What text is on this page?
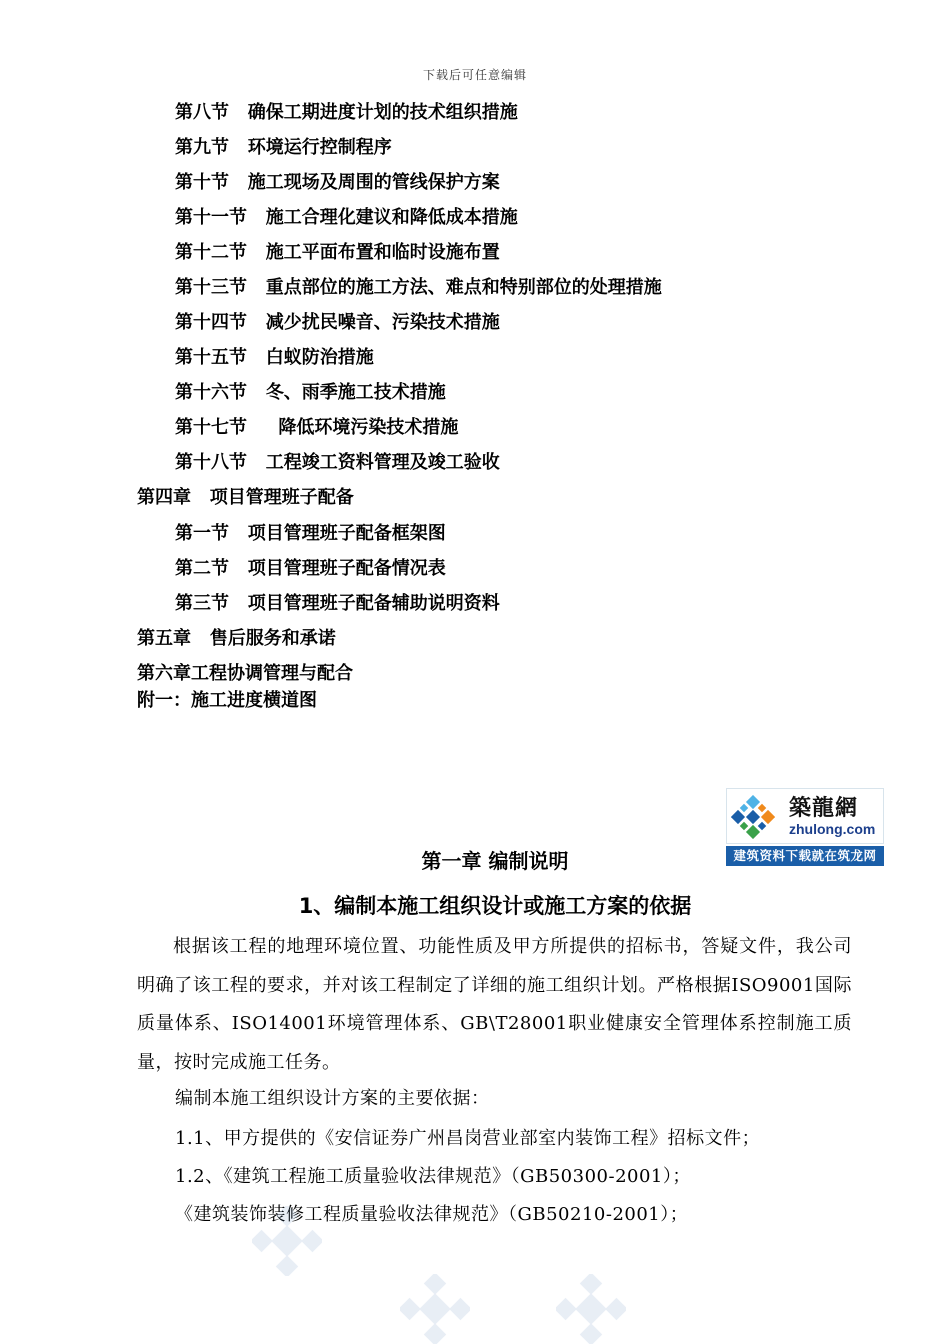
下载后可任意编辑
第八节   确保工期进度计划的技术组织措施
第九节   环境运行控制程序
第十节   施工现场及周围的管线保护方案
第十一节   施工合理化建议和降低成本措施
第十二节   施工平面布置和临时设施布置
第十三节   重点部位的施工方法、难点和特别部位的处理措施
第十四节   减少扰民噪音、污染技术措施
第十五节   白蚁防治措施
第十六节   冬、雨季施工技术措施
第十七节     降低环境污染技术措施
第十八节   工程竣工资料管理及竣工验收
第四章   项目管理班子配备
第一节   项目管理班子配备框架图
第二节   项目管理班子配备情况表
第三节   项目管理班子配备辅助说明资料
第五章   售后服务和承诺
第六章工程协调管理与配合
附一：施工进度横道图
築龍網
zhulong.com
建筑资料下载就在筑龙网
第一章 编制说明
1、编制本施工组织设计或施工方案的依据
根据该工程的地理环境位置、功能性质及甲方所提供的招标书，答疑文件，我公司明确了该工程的要求，并对该工程制定了详细的施工组织计划。严格根据ISO9001国际质量体系、ISO14001环境管理体系、GB\T28001职业健康安全管理体系控制施工质量，按时完成施工任务。
编制本施工组织设计方案的主要依据：
1.1、甲方提供的《安信证券广州昌岗营业部室内装饰工程》招标文件；
1.2、《建筑工程施工质量验收法律规范》（GB50300-2001）；
《建筑装饰装修工程质量验收法律规范》（GB50210-2001）；
